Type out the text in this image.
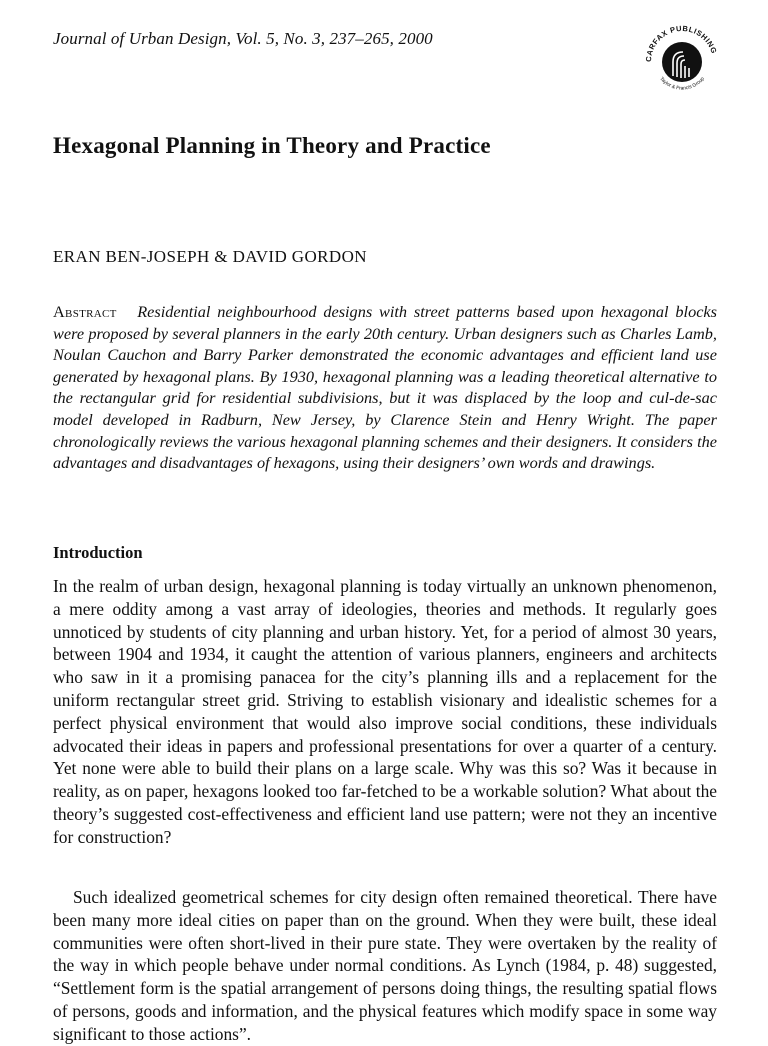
Journal of Urban Design, Vol. 5, No. 3, 237–265, 2000
CARFAX PUBLISHING
Taylor & Francis Group
Hexagonal Planning in Theory and Practice
ERAN BEN-JOSEPH & DAVID GORDON
Abstract Residential neighbourhood designs with street patterns based upon hexagonal blocks were proposed by several planners in the early 20th century. Urban designers such as Charles Lamb, Noulan Cauchon and Barry Parker demonstrated the economic advantages and efficient land use generated by hexagonal plans. By 1930, hexagonal planning was a leading theoretical alternative to the rectangular grid for residential subdivisions, but it was displaced by the loop and cul-de-sac model developed in Radburn, New Jersey, by Clarence Stein and Henry Wright. The paper chronologically reviews the various hexagonal planning schemes and their designers. It considers the advantages and disadvantages of hexagons, using their designers’ own words and drawings.
Introduction

In the realm of urban design, hexagonal planning is today virtually an unknown phenomenon, a mere oddity among a vast array of ideologies, theories and methods. It regularly goes unnoticed by students of city planning and urban history. Yet, for a period of almost 30 years, between 1904 and 1934, it caught the attention of various planners, engineers and architects who saw in it a promising panacea for the city’s planning ills and a replacement for the uniform rectangular street grid. Striving to establish visionary and idealistic schemes for a perfect physical environment that would also improve social conditions, these individuals advocated their ideas in papers and professional presentations for over a quarter of a century. Yet none were able to build their plans on a large scale. Why was this so? Was it because in reality, as on paper, hexagons looked too far-fetched to be a workable solution? What about the theory’s suggested cost-effectiveness and efficient land use pattern; were not they an incentive for construction?

Such idealized geometrical schemes for city design often remained theoretical. There have been many more ideal cities on paper than on the ground. When they were built, these ideal communities were often short-lived in their pure state. They were overtaken by the reality of the way in which people behave under normal conditions. As Lynch (1984, p. 48) suggested, “Settlement form is the spatial arrangement of persons doing things, the resulting spatial flows of persons, goods and information, and the physical features which modify space in some way significant to those actions”.
